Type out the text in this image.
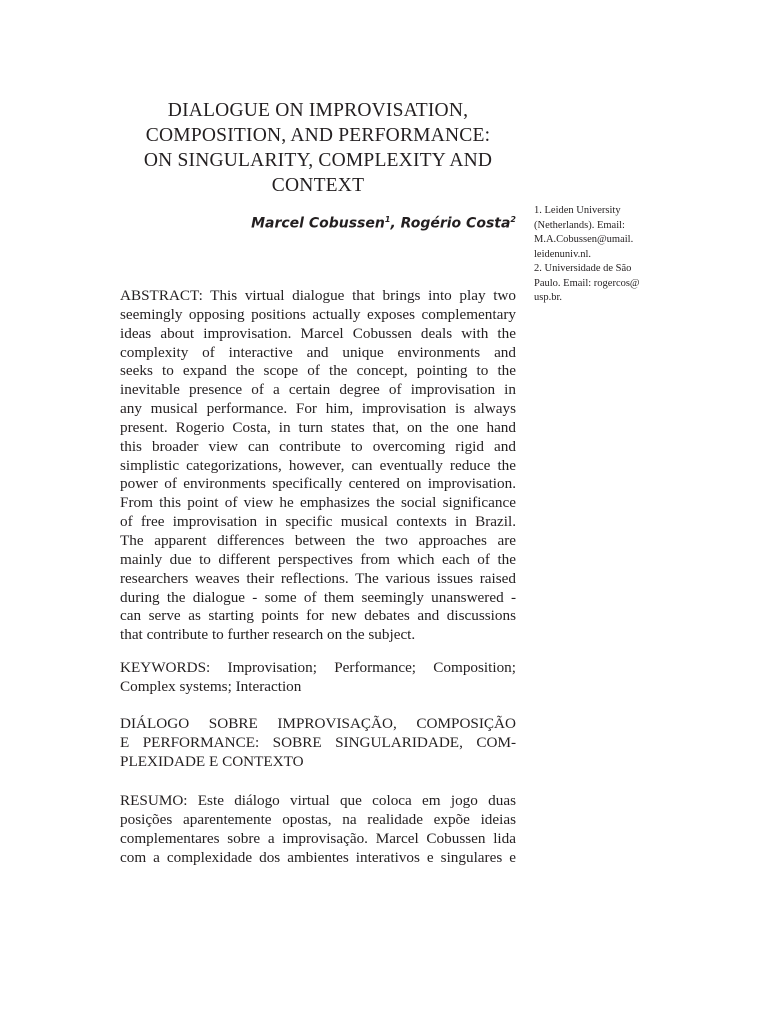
DIALOGUE ON IMPROVISATION,
COMPOSITION, AND PERFORMANCE:
ON SINGULARITY, COMPLEXITY AND
CONTEXT

Marcel Cobussen$^1$, Rogério Costa$^2$

1. Leiden University
(Netherlands). Email:
M.A.Cobussen@umail.
leidenuniv.nl.
2. Universidade de São
Paulo. Email: rogercos@
usp.br.
ABSTRACT: This virtual dialogue that brings into play two
seemingly opposing positions actually exposes complementary
ideas about improvisation. Marcel Cobussen deals with the
complexity of interactive and unique environments and
seeks to expand the scope of the concept, pointing to the
inevitable presence of a certain degree of improvisation in
any musical performance. For him, improvisation is always
present. Rogerio Costa, in turn states that, on the one hand
this broader view can contribute to overcoming rigid and
simplistic categorizations, however, can eventually reduce the
power of environments specifically centered on improvisation.
From this point of view he emphasizes the social significance
of free improvisation in specific musical contexts in Brazil.
The apparent differences between the two approaches are
mainly due to different perspectives from which each of the
researchers weaves their reflections. The various issues raised
during the dialogue - some of them seemingly unanswered -
can serve as starting points for new debates and discussions
that contribute to further research on the subject.
KEYWORDS: Improvisation; Performance; Composition;
Complex systems; Interaction
DIÁLOGO SOBRE IMPROVISAÇÃO, COMPOSIÇÃO
E PERFORMANCE: SOBRE SINGULARIDADE, COM-
PLEXIDADE E CONTEXTO
RESUMO: Este diálogo virtual que coloca em jogo duas
posições aparentemente opostas, na realidade expõe ideias
complementares sobre a improvisação. Marcel Cobussen lida
com a complexidade dos ambientes interativos e singulares e
